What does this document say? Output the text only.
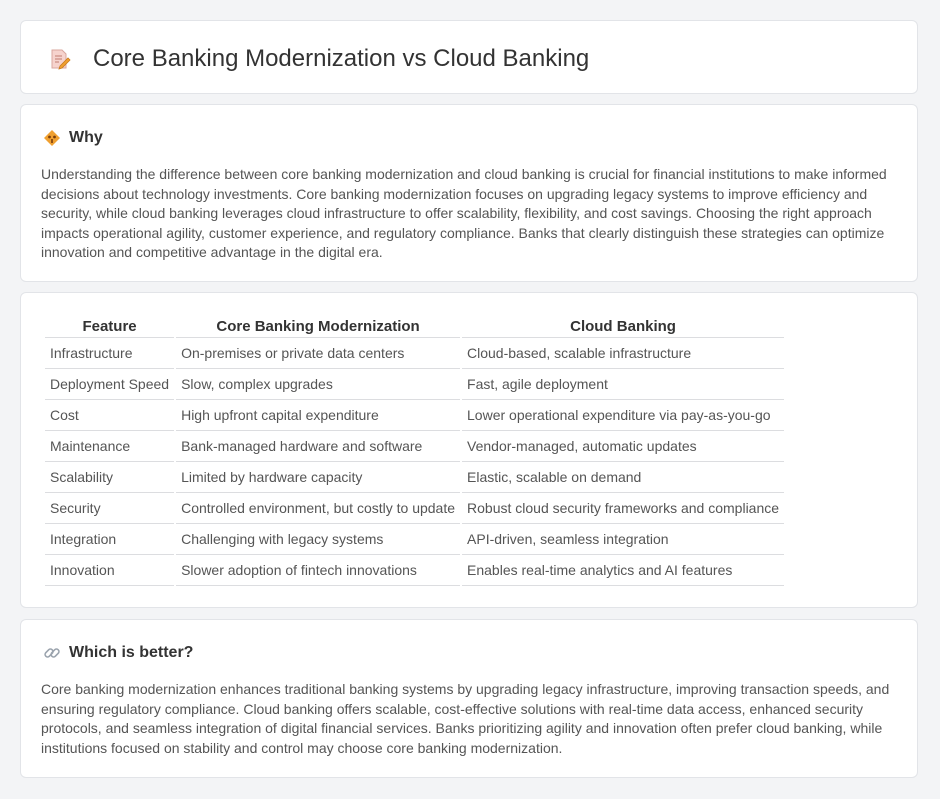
Core Banking Modernization vs Cloud Banking
Why

Understanding the difference between core banking modernization and cloud banking is crucial for financial institutions to make informed decisions about technology investments. Core banking modernization focuses on upgrading legacy systems to improve efficiency and security, while cloud banking leverages cloud infrastructure to offer scalability, flexibility, and cost savings. Choosing the right approach impacts operational agility, customer experience, and regulatory compliance. Banks that clearly distinguish these strategies can optimize innovation and competitive advantage in the digital era.

Feature	Core Banking Modernization	Cloud Banking
Infrastructure	On-premises or private data centers	Cloud-based, scalable infrastructure
Deployment Speed	Slow, complex upgrades	Fast, agile deployment
Cost	High upfront capital expenditure	Lower operational expenditure via pay-as-you-go
Maintenance	Bank-managed hardware and software	Vendor-managed, automatic updates
Scalability	Limited by hardware capacity	Elastic, scalable on demand
Security	Controlled environment, but costly to update	Robust cloud security frameworks and compliance
Integration	Challenging with legacy systems	API-driven, seamless integration
Innovation	Slower adoption of fintech innovations	Enables real-time analytics and AI features
Which is better?

Core banking modernization enhances traditional banking systems by upgrading legacy infrastructure, improving transaction speeds, and ensuring regulatory compliance. Cloud banking offers scalable, cost-effective solutions with real-time data access, enhanced security protocols, and seamless integration of digital financial services. Banks prioritizing agility and innovation often prefer cloud banking, while institutions focused on stability and control may choose core banking modernization.
